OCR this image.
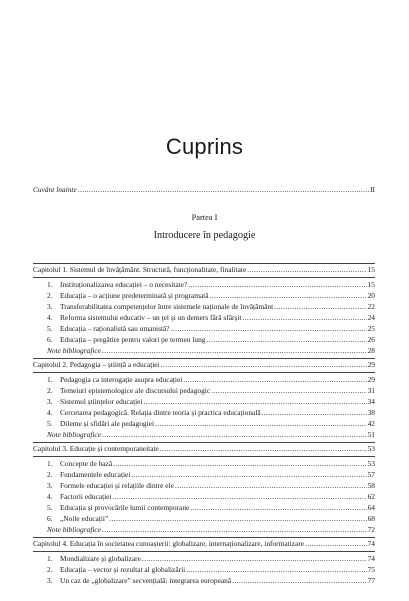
Cuprins
Cuvânt înainte .....	II
Partea I
Introducere în pedagogie
Capitolul 1. Sistemul de învățământ. Structură, funcționalitate, finalitate .....	15
1. Instituționalizarea educației – o necesitate? .....	15
2. Educația – o acțiune predeterminată și programată .....	20
3. Transferabilitatea competențelor între sistemele naționale de învățământ .....	22
4. Reforma sistemului educativ – un țel și un demers fără sfârșit .....	24
5. Educația – raționalistă sau umanistă? .....	25
6. Educația – pregătire pentru valori pe termen lung .....	26
Note bibliografice .....	28
Capitolul 2. Pedagogia – știință a educației .....	29
1. Pedagogia ca interogație asupra educației .....	29
2. Temeiuri epistemologice ale discursului pedagogic .....	31
3. Sistemul științelor educației .....	34
4. Cercetarea pedagogică. Relația dintre teoria și practica educațională .....	38
5. Dileme și sfidări ale pedagogiei .....	42
Note bibliografice .....	51
Capitolul 3. Educație și contemporaneitate .....	53
1. Concepte de bază .....	53
2. Fundamentele educației .....	57
3. Formele educației și relațiile dintre ele .....	58
4. Factorii educației .....	62
5. Educația și provocările lumii contemporane .....	64
6. „Noile educații” .....	68
Note bibliografice .....	72
Capitolul 4. Educația în societatea cunoașterii: globalizare, internaționalizare, informatizare .....	74
1. Mondializare și globalizare .....	74
2. Educația – vector și rezultat al globalizării .....	75
3. Un caz de „globalizare” secvențială: integrarea europeană .....	77
